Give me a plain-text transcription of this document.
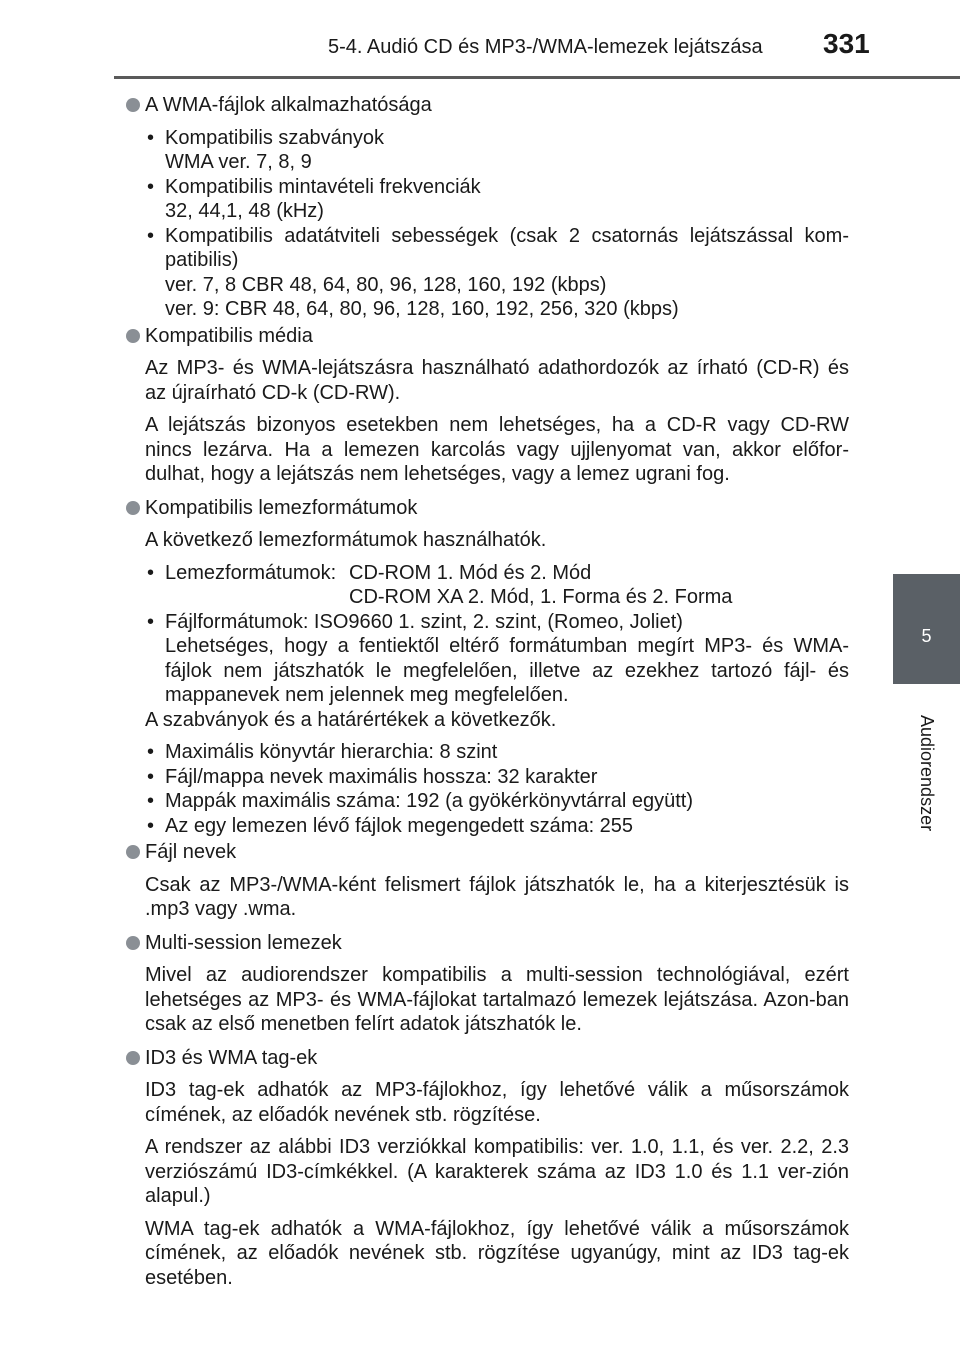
5-4. Audió CD és MP3-/WMA-lemezek lejátszása 331
5
Audiorendszer
A WMA-fájlok alkalmazhatósága
• Kompatibilis szabványok
WMA ver. 7, 8, 9
• Kompatibilis mintavételi frekvenciák
32, 44,1, 48 (kHz)
• Kompatibilis adatátviteli sebességek (csak 2 csatornás lejátszással kom-patibilis)
ver. 7, 8 CBR 48, 64, 80, 96, 128, 160, 192 (kbps)
ver. 9: CBR 48, 64, 80, 96, 128, 160, 192, 256, 320 (kbps)
Kompatibilis média

Az MP3- és WMA-lejátszásra használható adathordozók az írható (CD-R) és az újraírható CD-k (CD-RW).

A lejátszás bizonyos esetekben nem lehetséges, ha a CD-R vagy CD-RW nincs lezárva. Ha a lemezen karcolás vagy ujjlenyomat van, akkor előfor-dulhat, hogy a lejátszás nem lehetséges, vagy a lemez ugrani fog.

Kompatibilis lemezformátumok

A következő lemezformátumok használhatók.

• Lemezformátumok: CD-ROM 1. Mód és 2. Mód
CD-ROM XA 2. Mód, 1. Forma és 2. Forma
• Fájlformátumok: ISO9660 1. szint, 2. szint, (Romeo, Joliet)
Lehetséges, hogy a fentiektől eltérő formátumban megírt MP3- és WMA-fájlok nem játszhatók le megfelelően, illetve az ezekhez tartozó fájl- és mappanevek nem jelennek meg megfelelően.

A szabványok és a határértékek a következők.

• Maximális könyvtár hierarchia: 8 szint
• Fájl/mappa nevek maximális hossza: 32 karakter
• Mappák maximális száma: 192 (a gyökérkönyvtárral együtt)
• Az egy lemezen lévő fájlok megengedett száma: 255
Fájl nevek

Csak az MP3-/WMA-ként felismert fájlok játszhatók le, ha a kiterjesztésük is .mp3 vagy .wma.

Multi-session lemezek

Mivel az audiorendszer kompatibilis a multi-session technológiával, ezért lehetséges az MP3- és WMA-fájlokat tartalmazó lemezek lejátszása. Azon-ban csak az első menetben felírt adatok játszhatók le.

ID3 és WMA tag-ek

ID3 tag-ek adhatók az MP3-fájlokhoz, így lehetővé válik a műsorszámok címének, az előadók nevének stb. rögzítése.

A rendszer az alábbi ID3 verziókkal kompatibilis: ver. 1.0, 1.1, és ver. 2.2, 2.3 verziószámú ID3-címkékkel. (A karakterek száma az ID3 1.0 és 1.1 ver-zión alapul.)

WMA tag-ek adhatók a WMA-fájlokhoz, így lehetővé válik a műsorszámok címének, az előadók nevének stb. rögzítése ugyanúgy, mint az ID3 tag-ek esetében.
